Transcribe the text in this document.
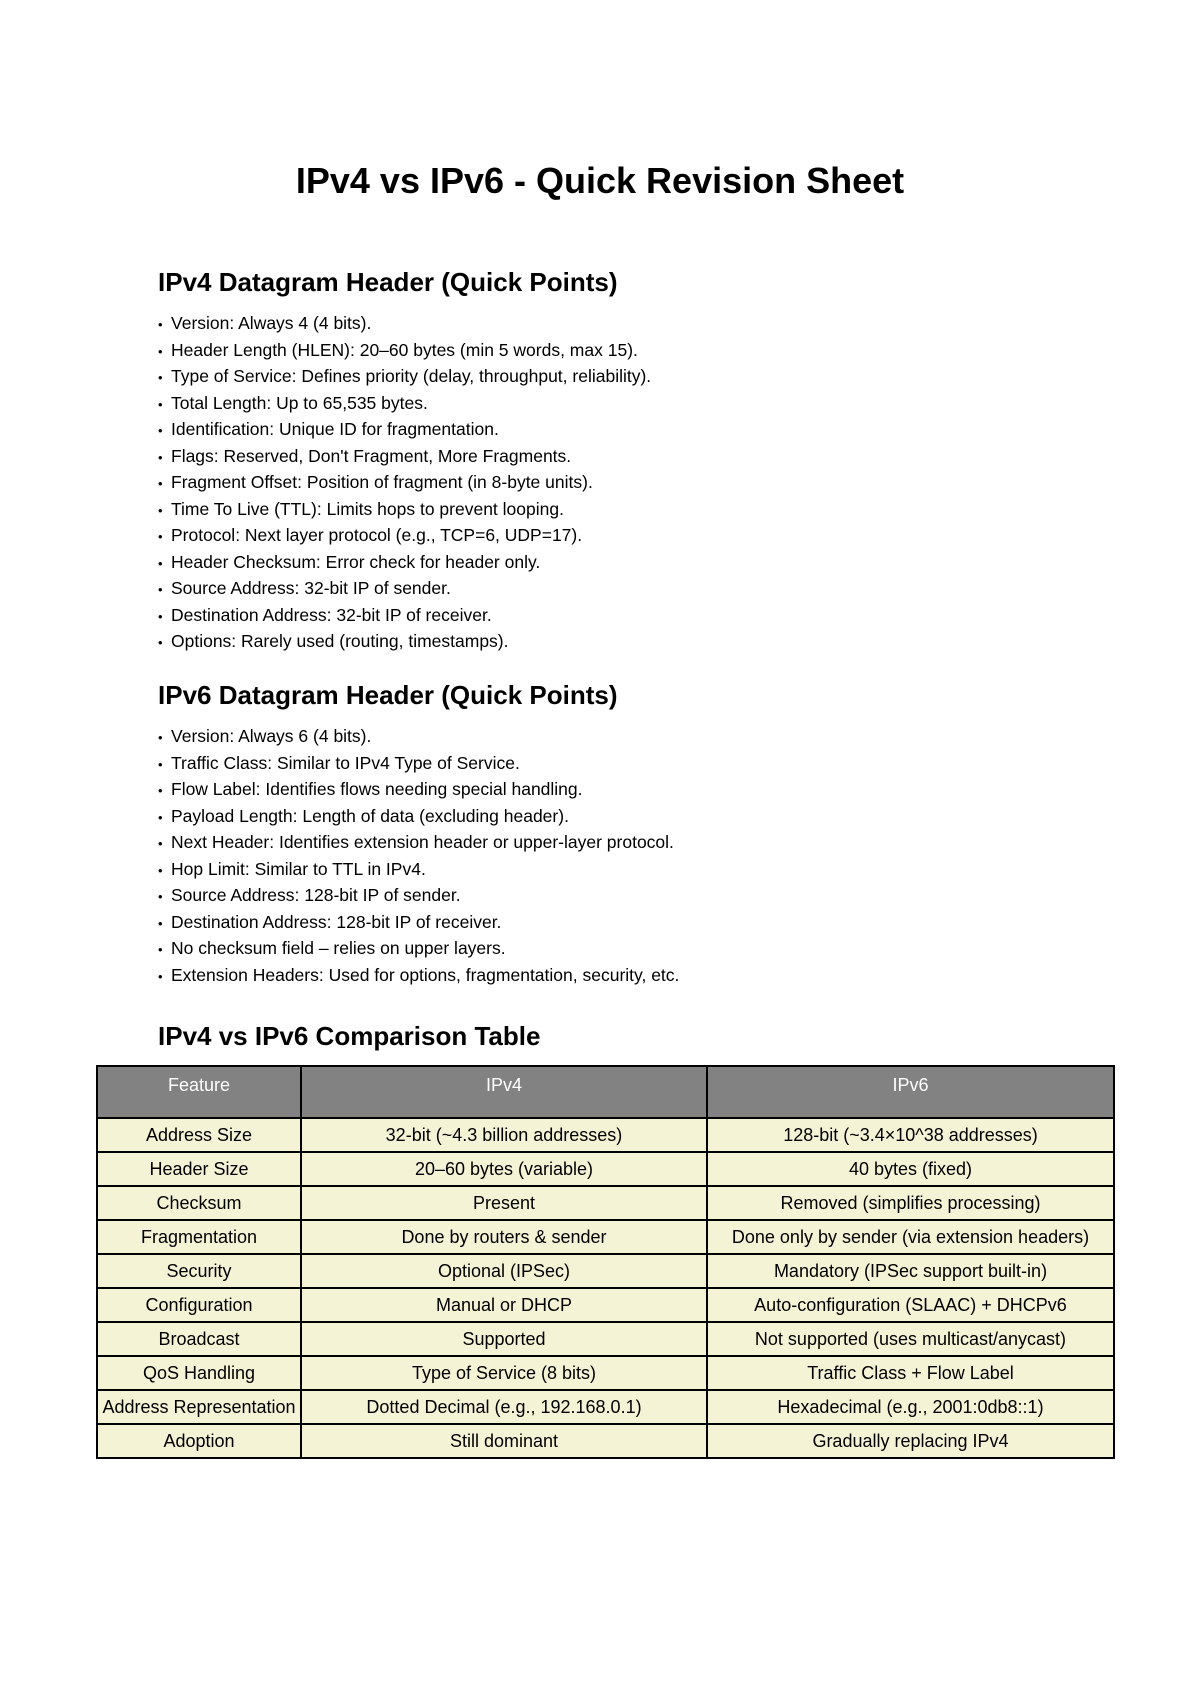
IPv4 vs IPv6 - Quick Revision Sheet
IPv4 Datagram Header (Quick Points)
• Version: Always 4 (4 bits).
• Header Length (HLEN): 20–60 bytes (min 5 words, max 15).
• Type of Service: Defines priority (delay, throughput, reliability).
• Total Length: Up to 65,535 bytes.
• Identification: Unique ID for fragmentation.
• Flags: Reserved, Don't Fragment, More Fragments.
• Fragment Offset: Position of fragment (in 8-byte units).
• Time To Live (TTL): Limits hops to prevent looping.
• Protocol: Next layer protocol (e.g., TCP=6, UDP=17).
• Header Checksum: Error check for header only.
• Source Address: 32-bit IP of sender.
• Destination Address: 32-bit IP of receiver.
• Options: Rarely used (routing, timestamps).
IPv6 Datagram Header (Quick Points)
• Version: Always 6 (4 bits).
• Traffic Class: Similar to IPv4 Type of Service.
• Flow Label: Identifies flows needing special handling.
• Payload Length: Length of data (excluding header).
• Next Header: Identifies extension header or upper-layer protocol.
• Hop Limit: Similar to TTL in IPv4.
• Source Address: 128-bit IP of sender.
• Destination Address: 128-bit IP of receiver.
• No checksum field – relies on upper layers.
• Extension Headers: Used for options, fragmentation, security, etc.
IPv4 vs IPv6 Comparison Table
Feature	IPv4	IPv6
Address Size	32-bit (~4.3 billion addresses)	128-bit (~3.4×10^38 addresses)
Header Size	20–60 bytes (variable)	40 bytes (fixed)
Checksum	Present	Removed (simplifies processing)
Fragmentation	Done by routers & sender	Done only by sender (via extension headers)
Security	Optional (IPSec)	Mandatory (IPSec support built-in)
Configuration	Manual or DHCP	Auto-configuration (SLAAC) + DHCPv6
Broadcast	Supported	Not supported (uses multicast/anycast)
QoS Handling	Type of Service (8 bits)	Traffic Class + Flow Label
Address Representation	Dotted Decimal (e.g., 192.168.0.1)	Hexadecimal (e.g., 2001:0db8::1)
Adoption	Still dominant	Gradually replacing IPv4
